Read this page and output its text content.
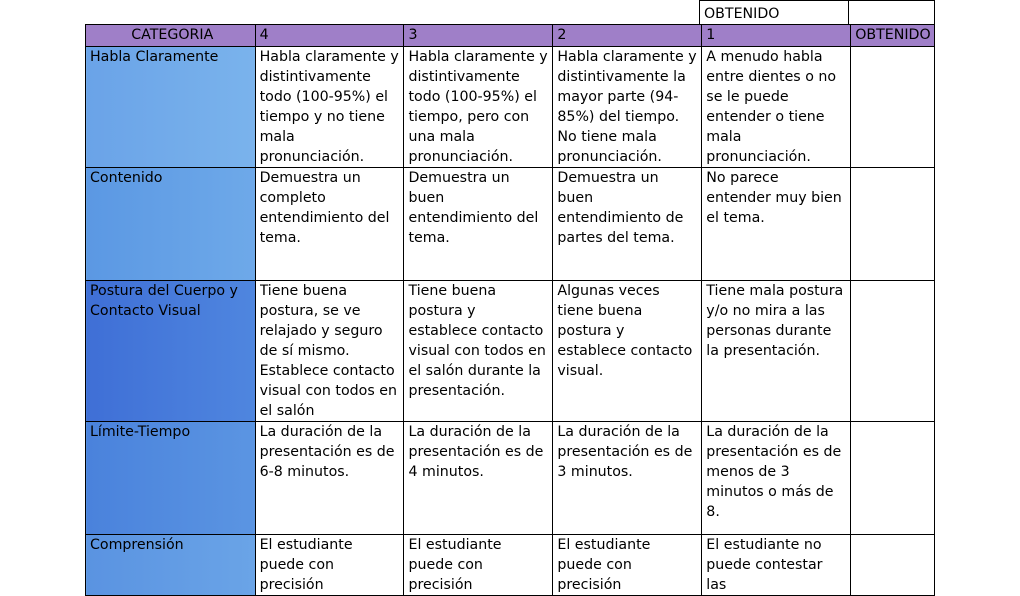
OBTENIDO	
CATEGORIA	4	3	2	1	OBTENIDO

Habla Claramente	Habla claramente y distintivamente todo (100-95%) el tiempo y no tiene mala pronunciación.	Habla claramente y distintivamente todo (100-95%) el tiempo, pero con una mala pronunciación.	Habla claramente y distintivamente la mayor parte (94-85%) del tiempo. No tiene mala pronunciación.	A menudo habla entre dientes o no se le puede entender o tiene mala pronunciación.	

Contenido	Demuestra un completo entendimiento del tema.	Demuestra un buen entendimiento del tema.	Demuestra un buen entendimiento de partes del tema.	No parece entender muy bien el tema.	

Postura del Cuerpo y Contacto Visual	Tiene buena postura, se ve relajado y seguro de sí mismo. Establece contacto visual con todos en el salón	Tiene buena postura y establece contacto visual con todos en el salón durante la presentación.	Algunas veces tiene buena postura y establece contacto visual.	Tiene mala postura y/o no mira a las personas durante la presentación.	

Límite-Tiempo	La duración de la presentación es de 6-8 minutos.	La duración de la presentación es de 4 minutos.	La duración de la presentación es de 3 minutos.	La duración de la presentación es de menos de 3 minutos o más de 8.	

Comprensión	El estudiante puede con precisión	El estudiante puede con precisión	El estudiante puede con precisión	El estudiante no puede contestar las	
